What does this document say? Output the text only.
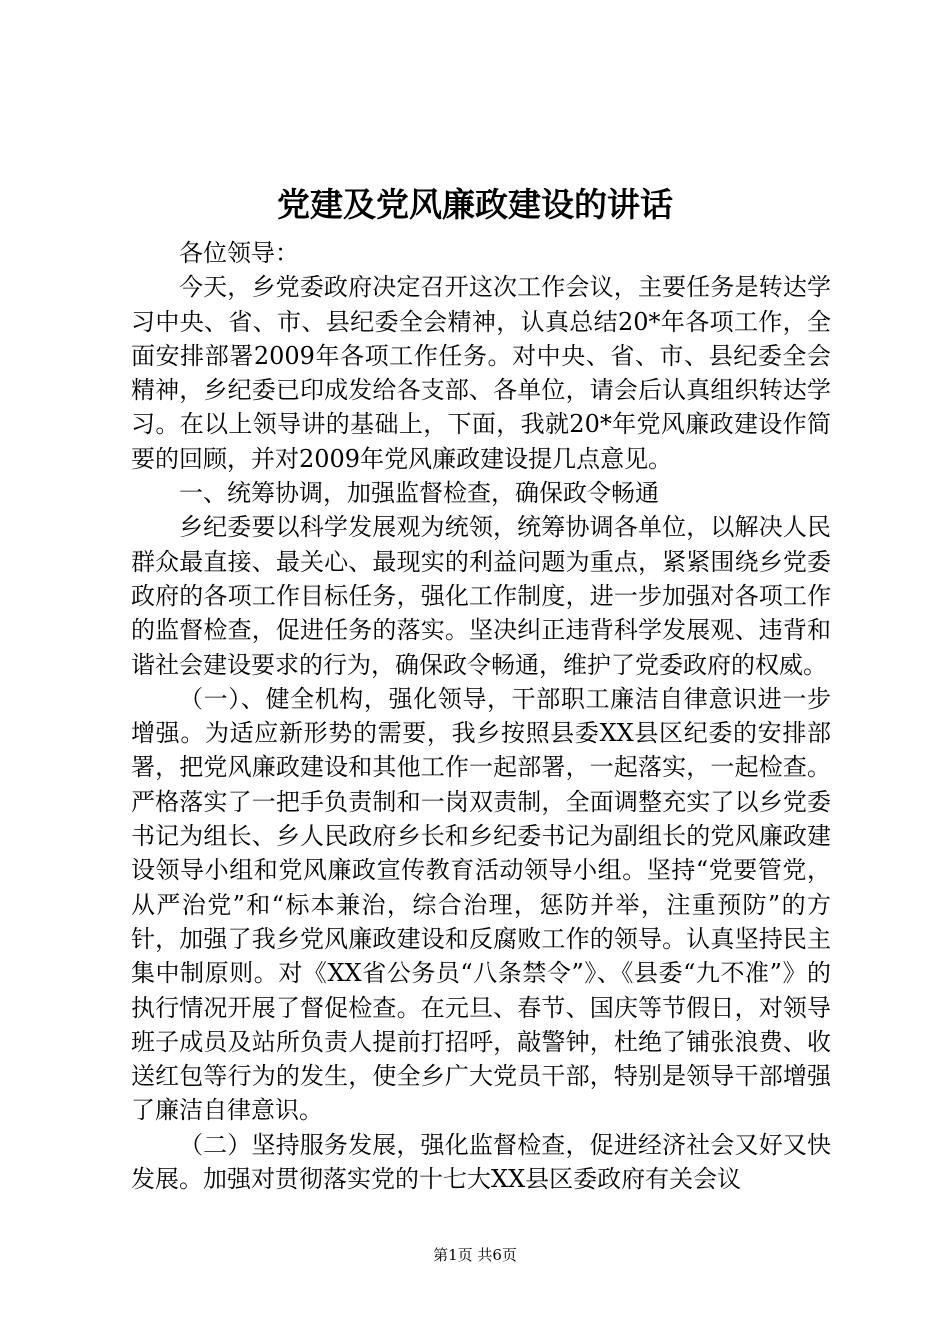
党建及党风廉政建设的讲话

各位领导：

今天，乡党委政府决定召开这次工作会议，主要任务是转达学习中央、省、市、县纪委全会精神，认真总结20*年各项工作，全面安排部署2009年各项工作任务。对中央、省、市、县纪委全会精神，乡纪委已印成发给各支部、各单位，请会后认真组织转达学习。在以上领导讲的基础上，下面，我就20*年党风廉政建设作简要的回顾，并对2009年党风廉政建设提几点意见。

一、统筹协调，加强监督检查，确保政令畅通

乡纪委要以科学发展观为统领，统筹协调各单位，以解决人民群众最直接、最关心、最现实的利益问题为重点，紧紧围绕乡党委政府的各项工作目标任务，强化工作制度，进一步加强对各项工作的监督检查，促进任务的落实。坚决纠正违背科学发展观、违背和谐社会建设要求的行为，确保政令畅通，维护了党委政府的权威。

（一）、健全机构，强化领导，干部职工廉洁自律意识进一步增强。为适应新形势的需要，我乡按照县委XX县区纪委的安排部署，把党风廉政建设和其他工作一起部署，一起落实，一起检查。严格落实了一把手负责制和一岗双责制，全面调整充实了以乡党委书记为组长、乡人民政府乡长和乡纪委书记为副组长的党风廉政建设领导小组和党风廉政宣传教育活动领导小组。坚持“党要管党，从严治党”和“标本兼治，综合治理，惩防并举，注重预防”的方针，加强了我乡党风廉政建设和反腐败工作的领导。认真坚持民主集中制原则。对《XX省公务员“八条禁令”》、《县委“九不准”》的执行情况开展了督促检查。在元旦、春节、国庆等节假日，对领导班子成员及站所负责人提前打招呼，敲警钟，杜绝了铺张浪费、收送红包等行为的发生，使全乡广大党员干部，特别是领导干部增强了廉洁自律意识。

（二）坚持服务发展，强化监督检查，促进经济社会又好又快发展。加强对贯彻落实党的十七大XX县区委政府有关会议

第1页 共6页
